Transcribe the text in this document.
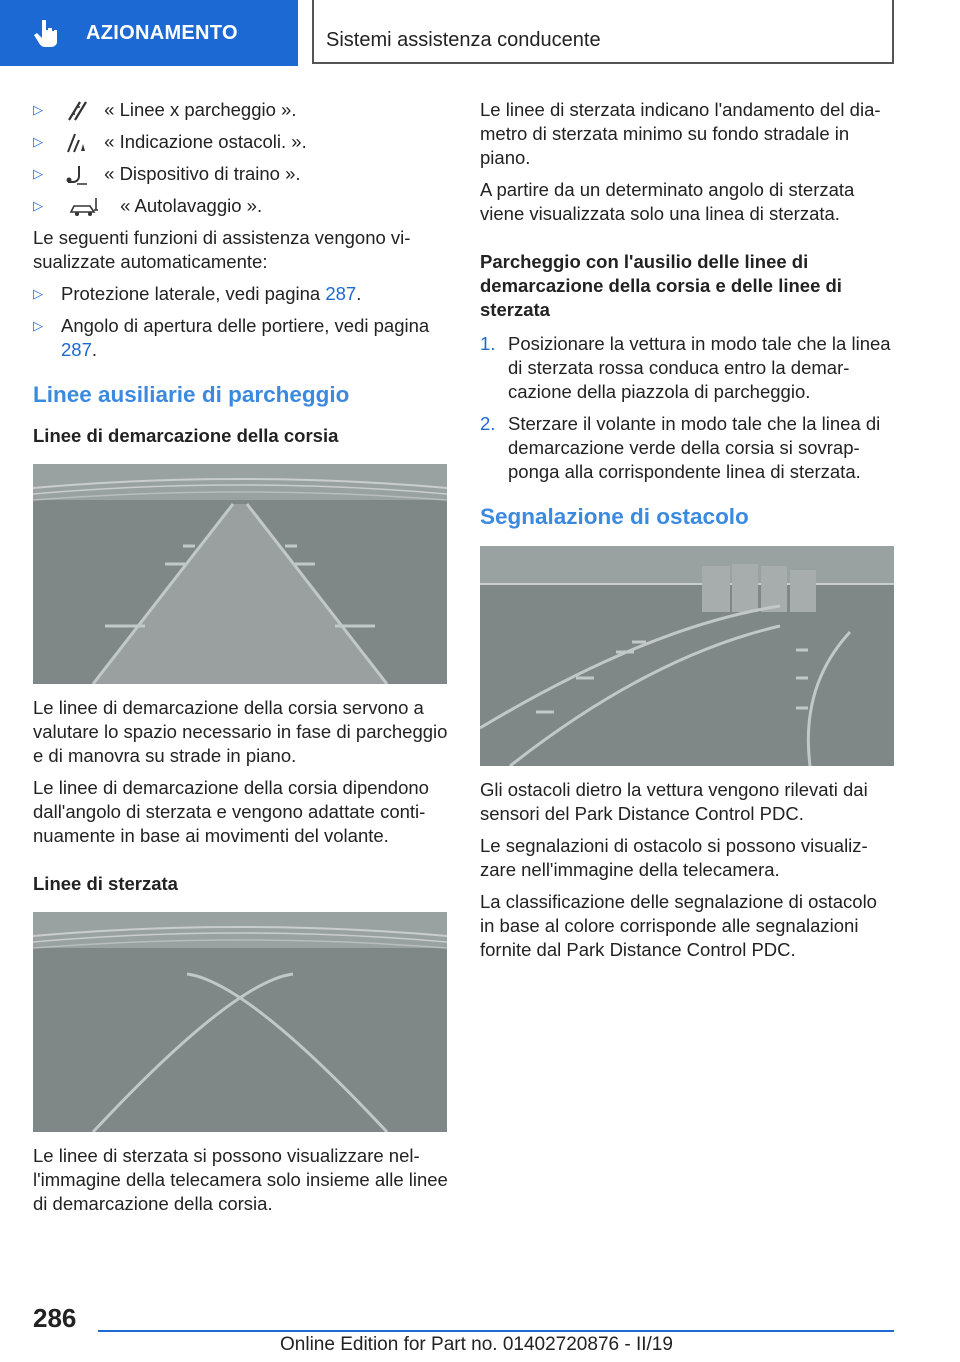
AZIONAMENTO	Sistemi assistenza conducente
▷	« Linee x parcheggio ».
▷	« Indicazione ostacoli. ».
▷	« Dispositivo di traino ».
▷	« Autolavaggio ».

Le seguenti funzioni di assistenza vengono visualizzate automaticamente:

▷ Protezione laterale, vedi pagina 287.
▷ Angolo di apertura delle portiere, vedi pagina 287.
Linee ausiliarie di parcheggio
Linee di demarcazione della corsia

Le linee di demarcazione della corsia servono a valutare lo spazio necessario in fase di parcheggio e di manovra su strade in piano.

Le linee di demarcazione della corsia dipendono dall'angolo di sterzata e vengono adattate continuamente in base ai movimenti del volante.

Linee di sterzata

Le linee di sterzata si possono visualizzare nell'immagine della telecamera solo insieme alle linee di demarcazione della corsia.

Le linee di sterzata indicano l'andamento del diametro di sterzata minimo su fondo stradale in piano.

A partire da un determinato angolo di sterzata viene visualizzata solo una linea di sterzata.

Parcheggio con l'ausilio delle linee di demarcazione della corsia e delle linee di sterzata
1. Posizionare la vettura in modo tale che la linea di sterzata rossa conduca entro la demarcazione della piazzola di parcheggio.
2. Sterzare il volante in modo tale che la linea di demarcazione verde della corsia si sovrapponga alla corrispondente linea di sterzata.
Segnalazione di ostacolo

Gli ostacoli dietro la vettura vengono rilevati dai sensori del Park Distance Control PDC.

Le segnalazioni di ostacolo si possono visualizzare nell'immagine della telecamera.

La classificazione delle segnalazione di ostacolo in base al colore corrisponde alle segnalazioni fornite dal Park Distance Control PDC.

286
Online Edition for Part no. 01402720876 - II/19
